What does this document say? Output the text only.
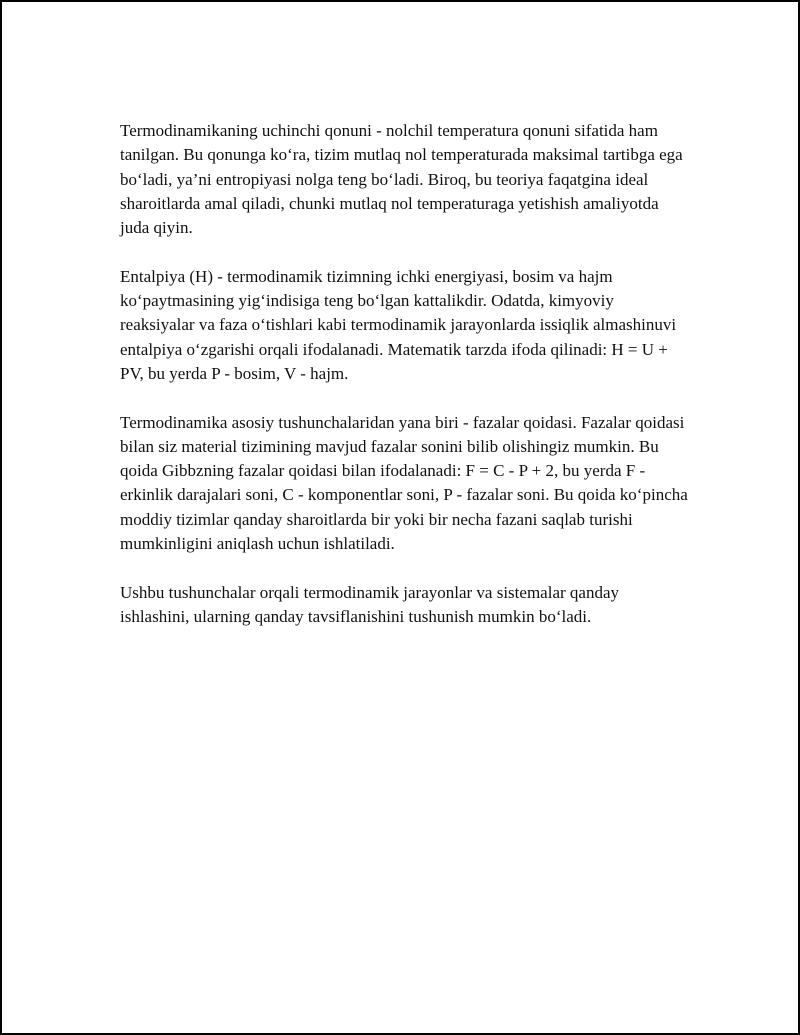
Termodinamikaning uchinchi qonuni - nolchil temperatura qonuni sifatida ham tanilgan. Bu qonunga ko‘ra, tizim mutlaq nol temperaturada maksimal tartibga ega bo‘ladi, ya’ni entropiyasi nolga teng bo‘ladi. Biroq, bu teoriya faqatgina ideal sharoitlarda amal qiladi, chunki mutlaq nol temperaturaga yetishish amaliyotda juda qiyin.

Entalpiya (H) - termodinamik tizimning ichki energiyasi, bosim va hajm ko‘paytmasining yig‘indisiga teng bo‘lgan kattalikdir. Odatda, kimyoviy reaksiyalar va faza o‘tishlari kabi termodinamik jarayonlarda issiqlik almashinuvi entalpiya o‘zgarishi orqali ifodalanadi. Matematik tarzda ifoda qilinadi: H = U + PV, bu yerda P - bosim, V - hajm.

Termodinamika asosiy tushunchalaridan yana biri - fazalar qoidasi. Fazalar qoidasi bilan siz material tizimining mavjud fazalar sonini bilib olishingiz mumkin. Bu qoida Gibbzning fazalar qoidasi bilan ifodalanadi: F = C - P + 2, bu yerda F - erkinlik darajalari soni, C - komponentlar soni, P - fazalar soni. Bu qoida ko‘pincha moddiy tizimlar qanday sharoitlarda bir yoki bir necha fazani saqlab turishi mumkinligini aniqlash uchun ishlatiladi.

Ushbu tushunchalar orqali termodinamik jarayonlar va sistemalar qanday ishlashini, ularning qanday tavsiflanishini tushunish mumkin bo‘ladi.
